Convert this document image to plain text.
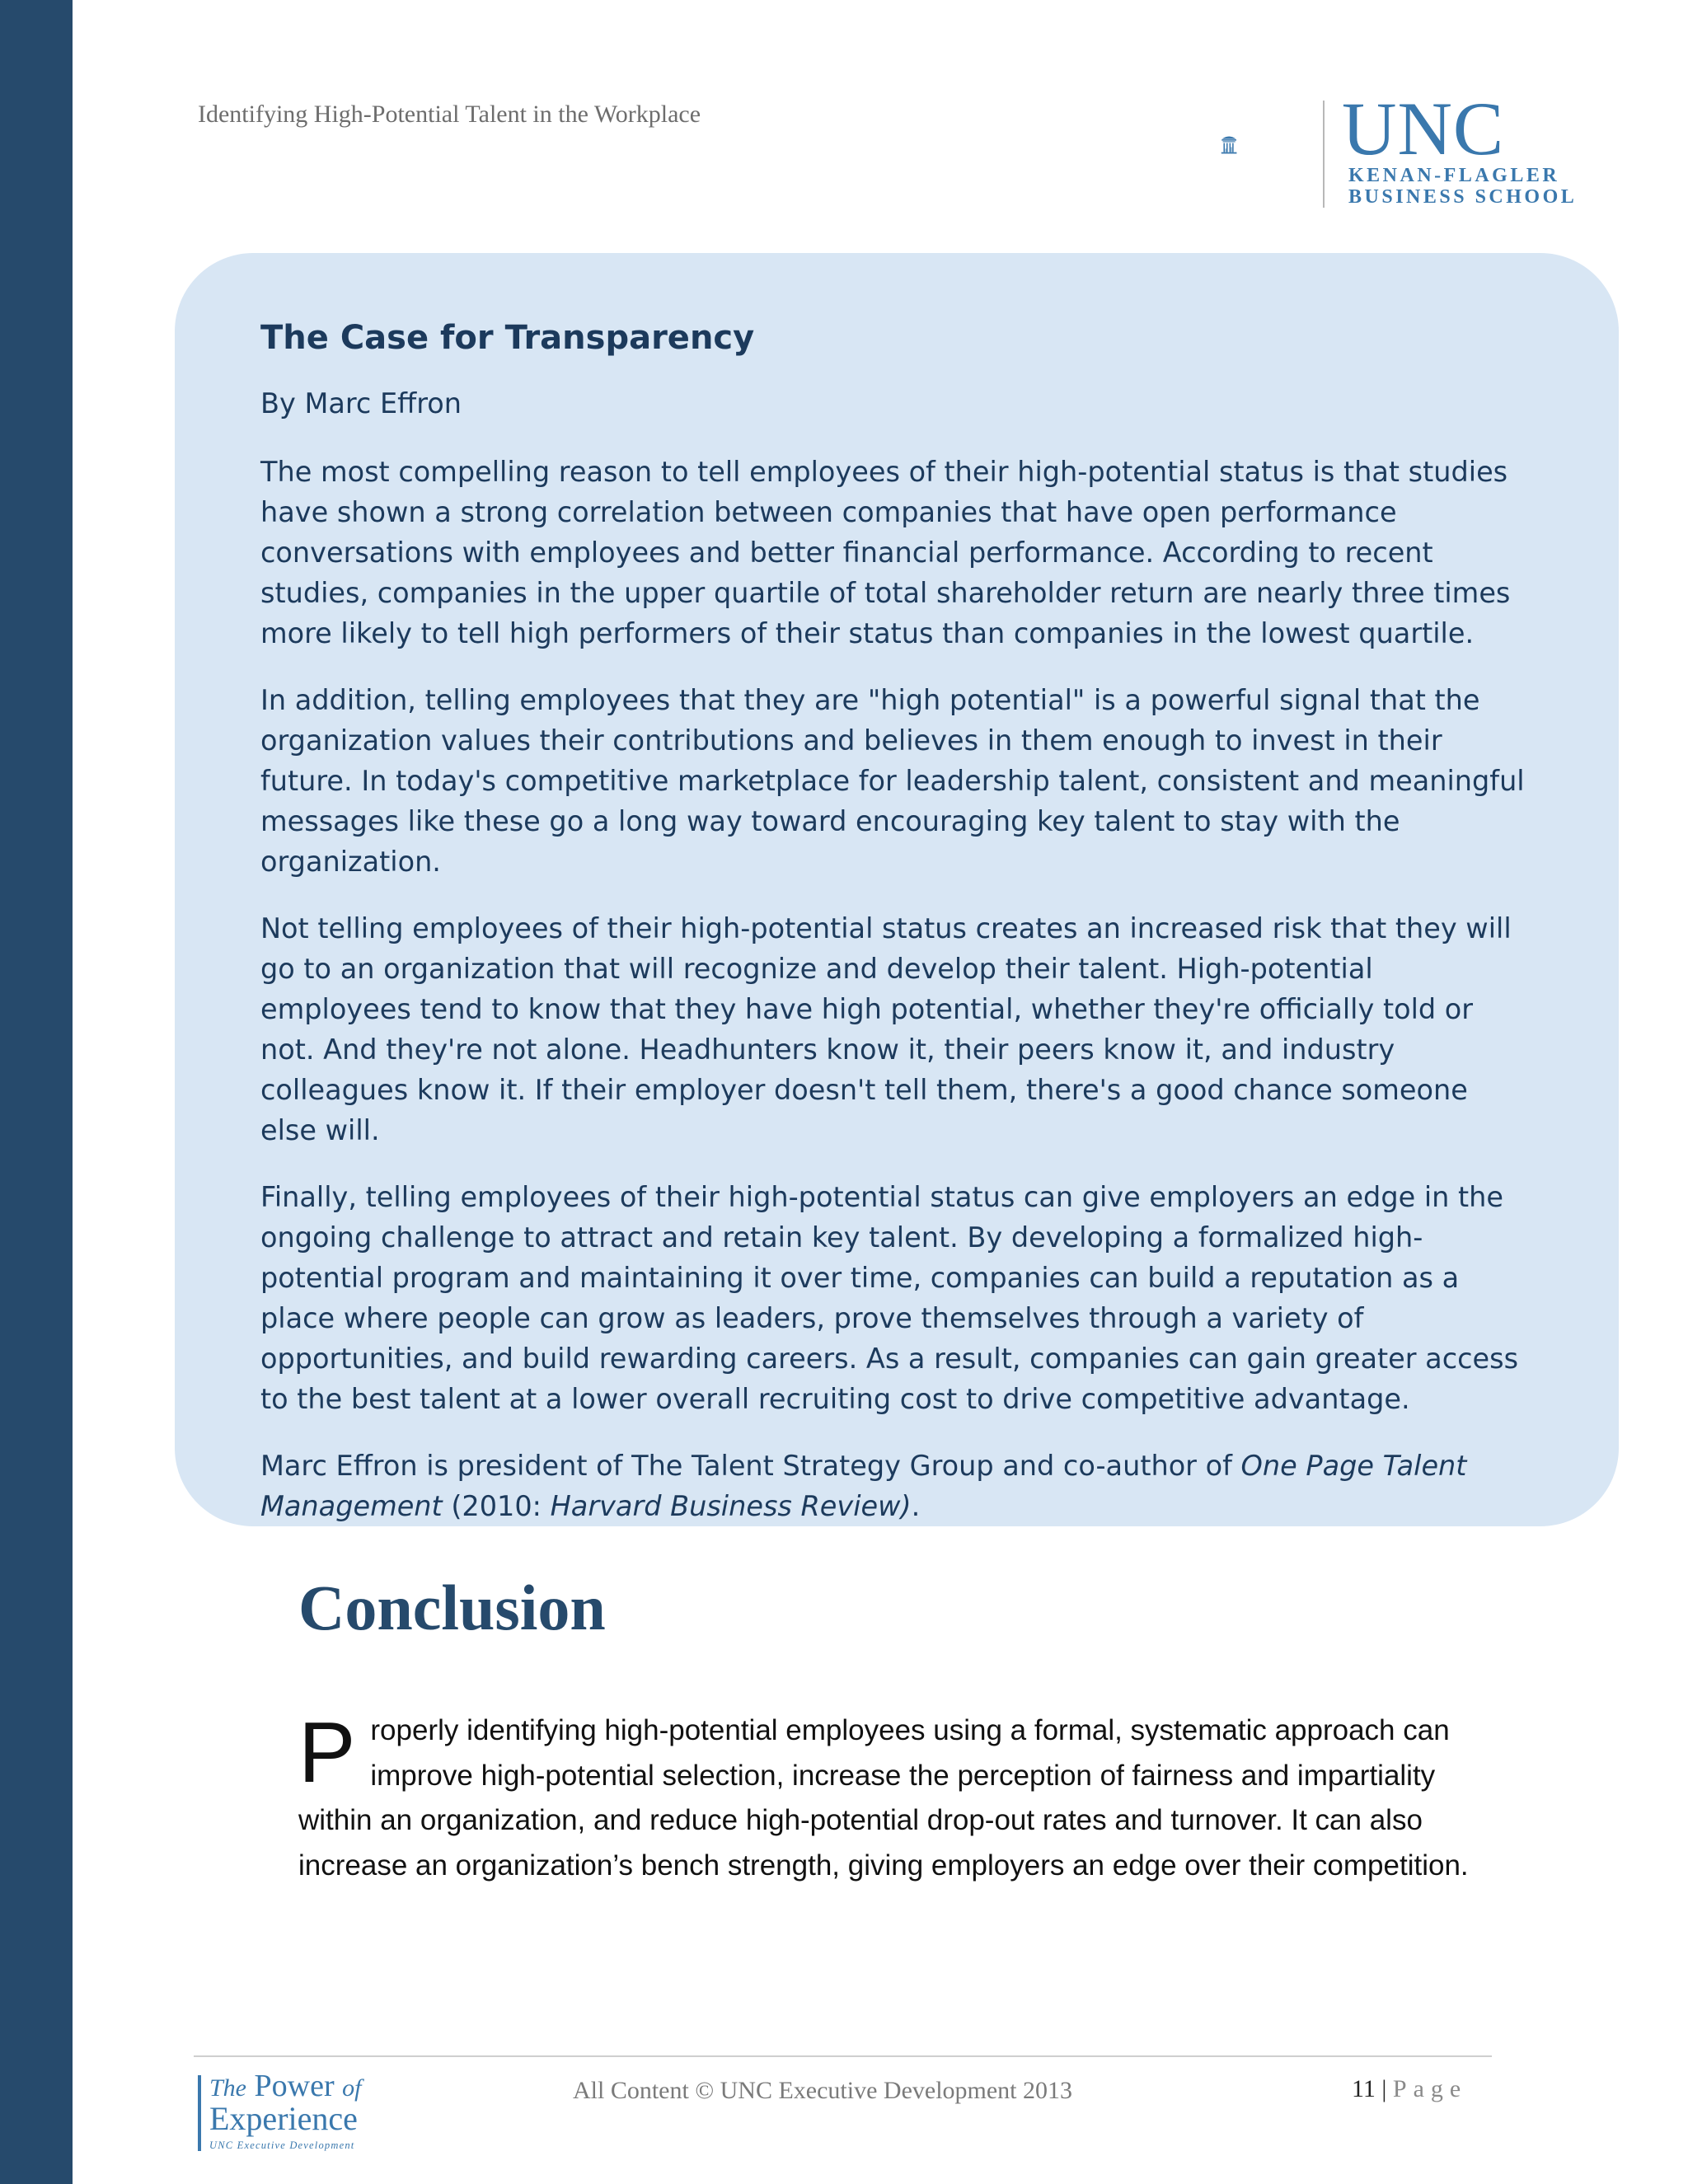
Identifying High-Potential Talent in the Workplace	UNC
KENAN-FLAGLER
BUSINESS SCHOOL
The Case for Transparency
By Marc Effron

The most compelling reason to tell employees of their high-potential status is that studies have shown a strong correlation between companies that have open performance conversations with employees and better financial performance. According to recent studies, companies in the upper quartile of total shareholder return are nearly three times more likely to tell high performers of their status than companies in the lowest quartile.

In addition, telling employees that they are "high potential" is a powerful signal that the organization values their contributions and believes in them enough to invest in their future. In today's competitive marketplace for leadership talent, consistent and meaningful messages like these go a long way toward encouraging key talent to stay with the organization.

Not telling employees of their high-potential status creates an increased risk that they will go to an organization that will recognize and develop their talent. High-potential employees tend to know that they have high potential, whether they're officially told or not. And they're not alone. Headhunters know it, their peers know it, and industry colleagues know it. If their employer doesn't tell them, there's a good chance someone else will.

Finally, telling employees of their high-potential status can give employers an edge in the ongoing challenge to attract and retain key talent. By developing a formalized high-potential program and maintaining it over time, companies can build a reputation as a place where people can grow as leaders, prove themselves through a variety of opportunities, and build rewarding careers. As a result, companies can gain greater access to the best talent at a lower overall recruiting cost to drive competitive advantage.

Marc Effron is president of The Talent Strategy Group and co-author of One Page Talent Management (2010: Harvard Business Review).

Conclusion

Properly identifying high-potential employees using a formal, systematic approach can improve high-potential selection, increase the perception of fairness and impartiality within an organization, and reduce high-potential drop-out rates and turnover. It can also increase an organization’s bench strength, giving employers an edge over their competition.

The Power of
Experience
UNC Executive Development
All Content © UNC Executive Development 2013	11 | Page
